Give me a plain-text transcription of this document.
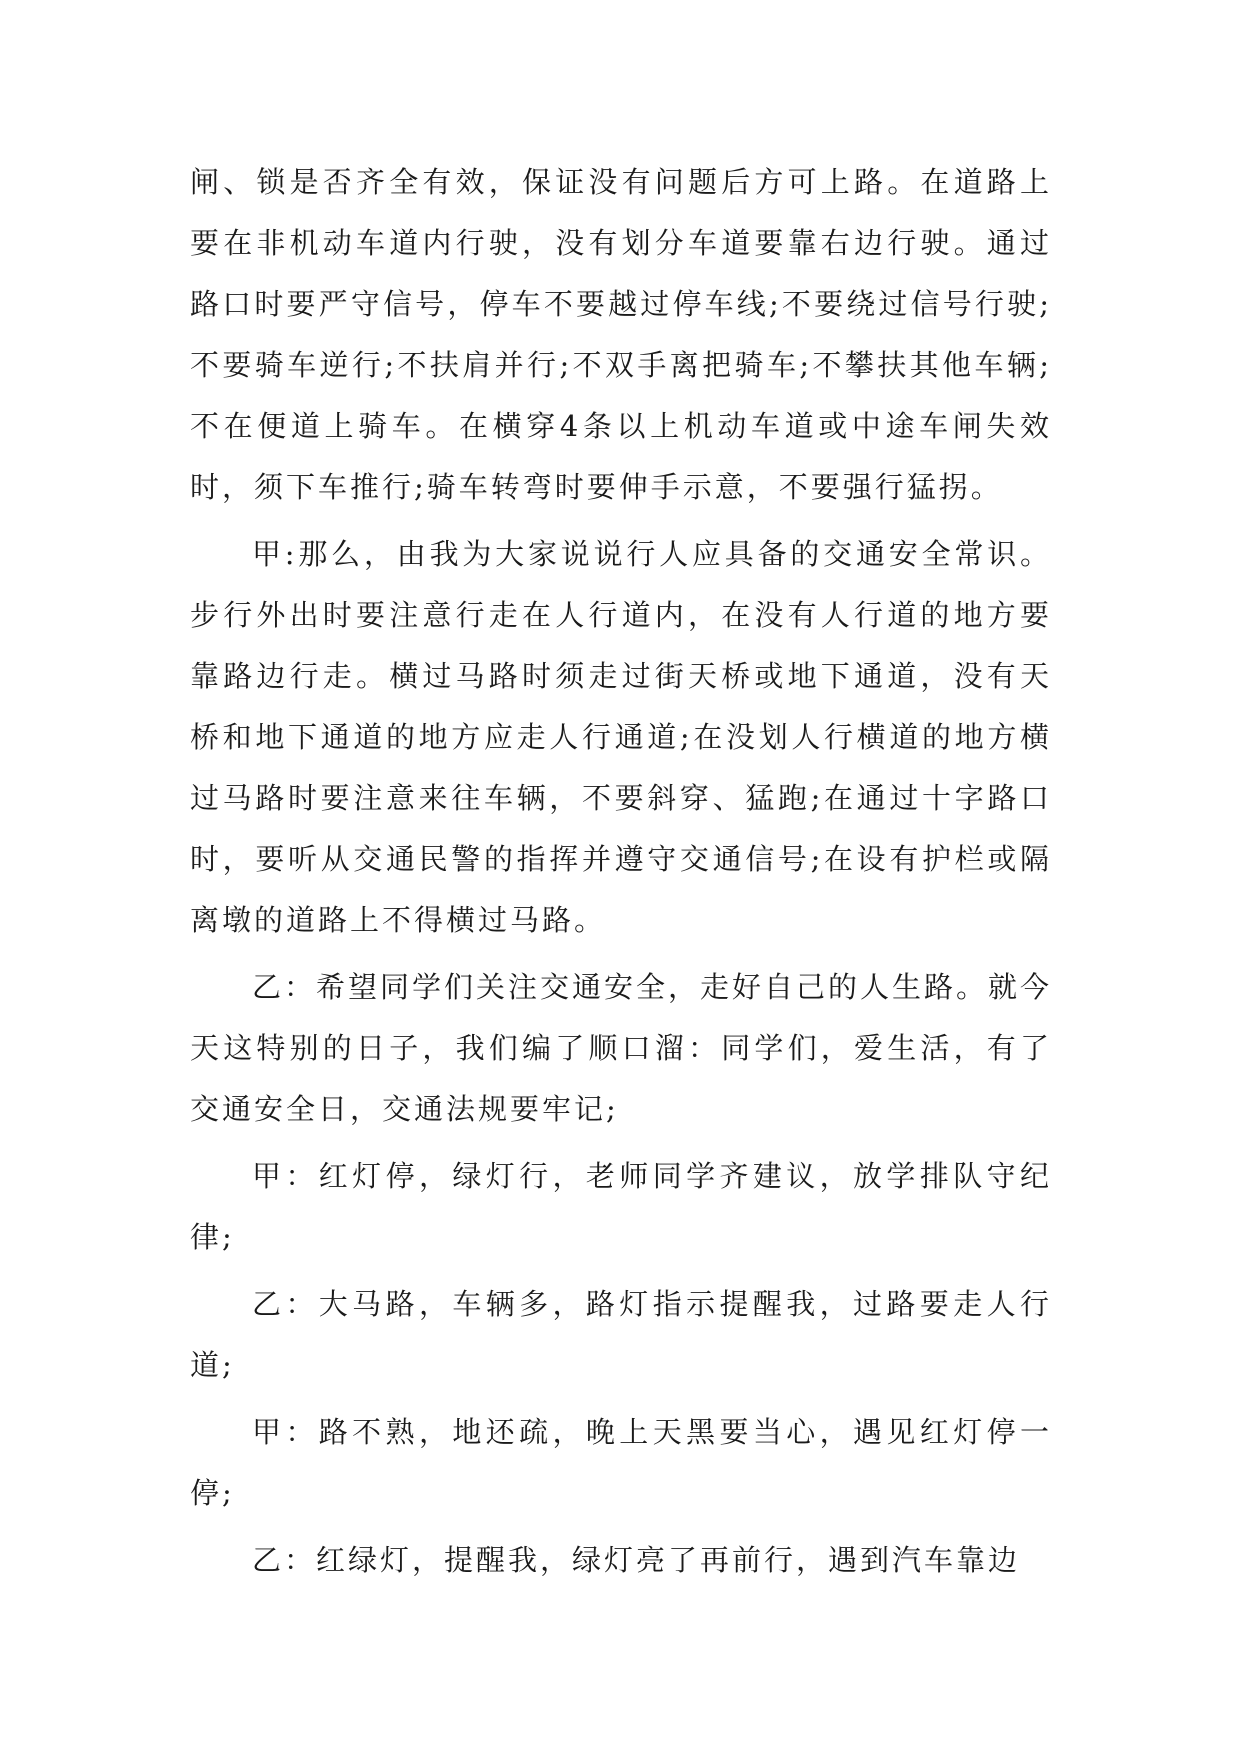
闸、锁是否齐全有效，保证没有问题后方可上路。在道路上要在非机动车道内行驶，没有划分车道要靠右边行驶。通过路口时要严守信号，停车不要越过停车线;不要绕过信号行驶;不要骑车逆行;不扶肩并行;不双手离把骑车;不攀扶其他车辆;不在便道上骑车。在横穿4条以上机动车道或中途车闸失效时，须下车推行;骑车转弯时要伸手示意，不要强行猛拐。

甲:那么，由我为大家说说行人应具备的交通安全常识。步行外出时要注意行走在人行道内，在没有人行道的地方要靠路边行走。横过马路时须走过街天桥或地下通道，没有天桥和地下通道的地方应走人行通道;在没划人行横道的地方横过马路时要注意来往车辆，不要斜穿、猛跑;在通过十字路口时，要听从交通民警的指挥并遵守交通信号;在设有护栏或隔离墩的道路上不得横过马路。

乙：希望同学们关注交通安全，走好自己的人生路。就今天这特别的日子，我们编了顺口溜：同学们，爱生活，有了交通安全日，交通法规要牢记;

甲：红灯停，绿灯行，老师同学齐建议，放学排队守纪律;

乙：大马路，车辆多，路灯指示提醒我，过路要走人行道;

甲：路不熟，地还疏，晚上天黑要当心，遇见红灯停一停;

乙：红绿灯，提醒我，绿灯亮了再前行，遇到汽车靠边
